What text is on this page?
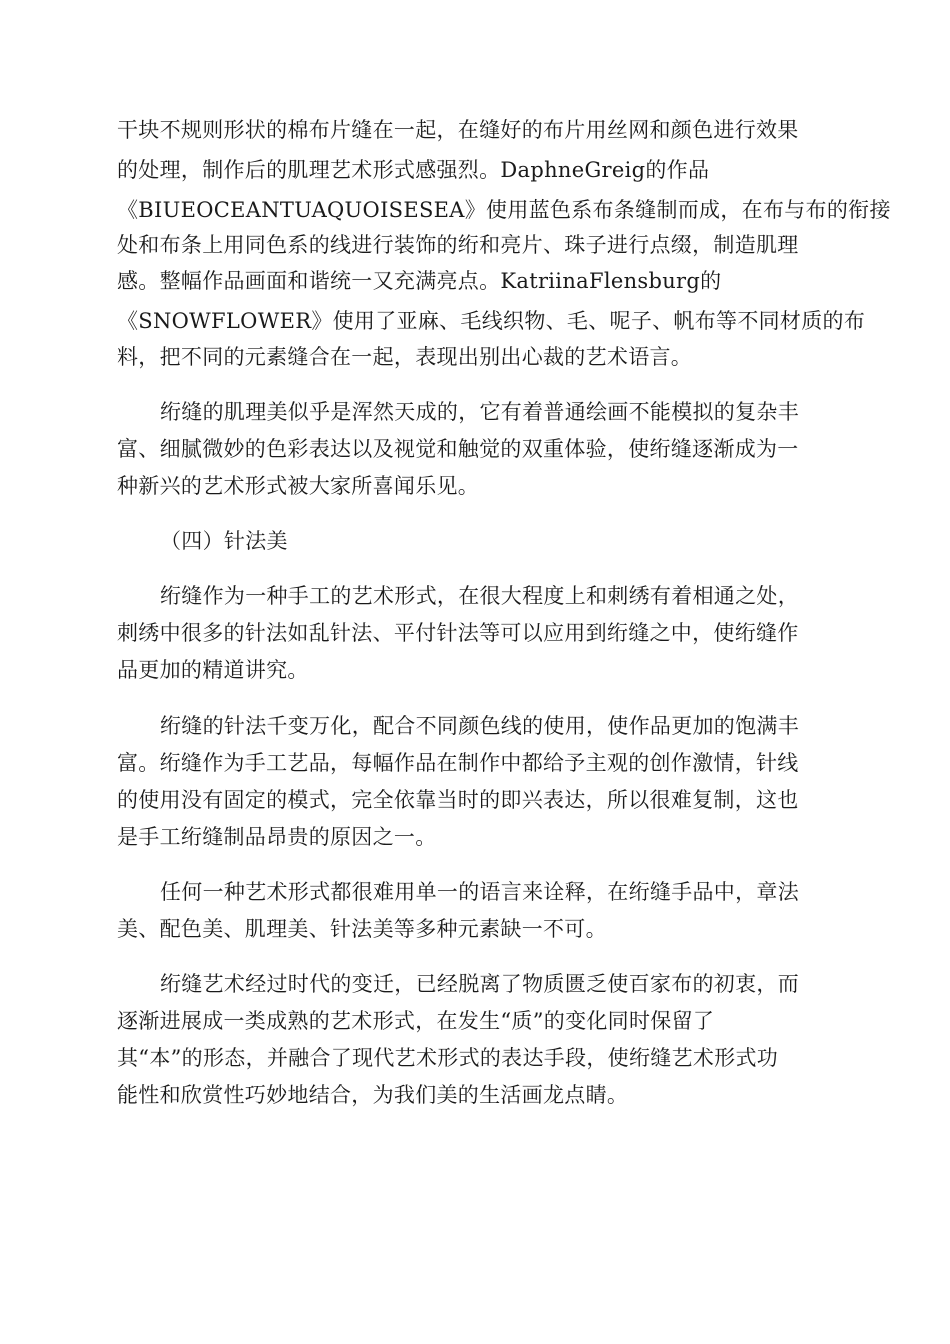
干块不规则形状的棉布片缝在一起，在缝好的布片用丝网和颜色进行效果
的处理，制作后的肌理艺术形式感强烈。DaphneGreig的作品
《BIUEOCEANTUAQUOISESEA》使用蓝色系布条缝制而成，在布与布的衔接
处和布条上用同色系的线进行装饰的绗和亮片、珠子进行点缀，制造肌理
感。整幅作品画面和谐统一又充满亮点。KatriinaFlensburg的
《SNOWFLOWER》使用了亚麻、毛线织物、毛、呢子、帆布等不同材质的布
料，把不同的元素缝合在一起，表现出别出心裁的艺术语言。
绗缝的肌理美似乎是浑然天成的，它有着普通绘画不能模拟的复杂丰
富、细腻微妙的色彩表达以及视觉和触觉的双重体验，使绗缝逐渐成为一
种新兴的艺术形式被大家所喜闻乐见。
（四）针法美
绗缝作为一种手工的艺术形式，在很大程度上和刺绣有着相通之处，
刺绣中很多的针法如乱针法、平付针法等可以应用到绗缝之中，使绗缝作
品更加的精道讲究。
绗缝的针法千变万化，配合不同颜色线的使用，使作品更加的饱满丰
富。绗缝作为手工艺品，每幅作品在制作中都给予主观的创作激情，针线
的使用没有固定的模式，完全依靠当时的即兴表达，所以很难复制，这也
是手工绗缝制品昂贵的原因之一。
任何一种艺术形式都很难用单一的语言来诠释，在绗缝手品中，章法
美、配色美、肌理美、针法美等多种元素缺一不可。
绗缝艺术经过时代的变迁，已经脱离了物质匮乏使百家布的初衷，而
逐渐进展成一类成熟的艺术形式，在发生“质”的变化同时保留了
其“本”的形态，并融合了现代艺术形式的表达手段，使绗缝艺术形式功
能性和欣赏性巧妙地结合，为我们美的生活画龙点睛。
